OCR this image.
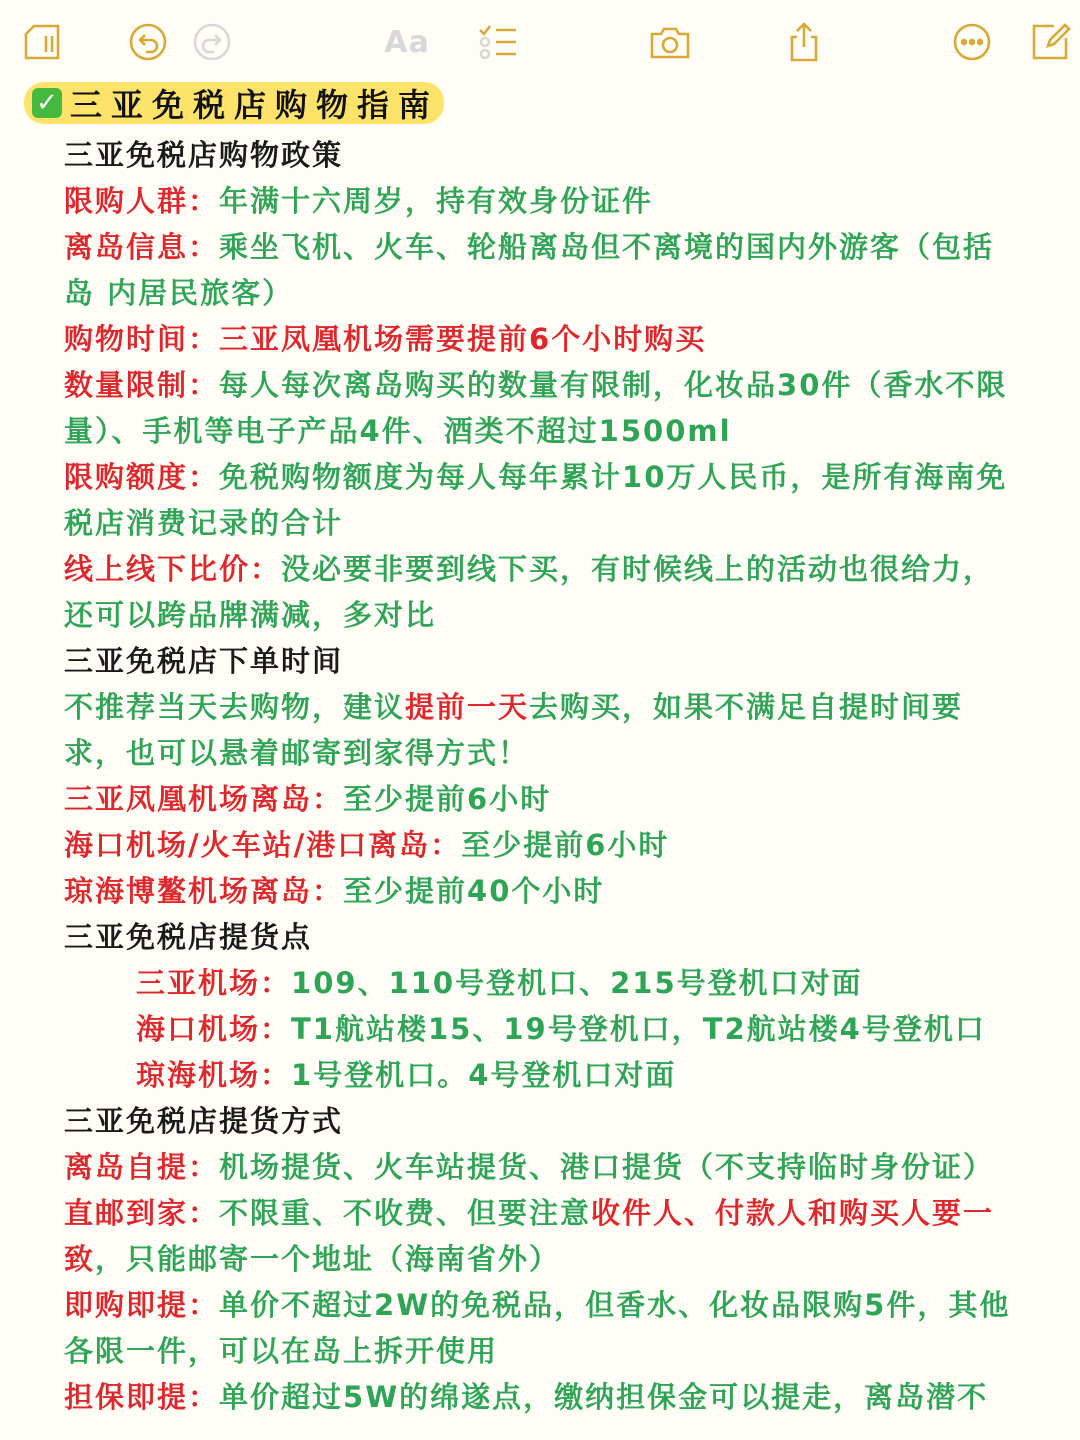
Aa
✓ 三亚免税店购物指南
三亚免税店购物政策
限购人群：年满十六周岁，持有效身份证件
离岛信息：乘坐飞机、火车、轮船离岛但不离境的国内外游客（包括
岛 内居民旅客）
购物时间：三亚凤凰机场需要提前6个小时购买
数量限制：每人每次离岛购买的数量有限制，化妆品30件（香水不限
量）、手机等电子产品4件、酒类不超过1500ml
限购额度：免税购物额度为每人每年累计10万人民币，是所有海南免
税店消费记录的合计
线上线下比价：没必要非要到线下买，有时候线上的活动也很给力，
还可以跨品牌满减，多对比
三亚免税店下单时间
不推荐当天去购物，建议提前一天去购买，如果不满足自提时间要
求，也可以悬着邮寄到家得方式！
三亚凤凰机场离岛：至少提前6小时
海口机场/火车站/港口离岛：至少提前6小时
琼海博鳌机场离岛：至少提前40个小时
三亚免税店提货点
三亚机场：109、110号登机口、215号登机口对面
海口机场：T1航站楼15、19号登机口，T2航站楼4号登机口
琼海机场：1号登机口。4号登机口对面
三亚免税店提货方式
离岛自提：机场提货、火车站提货、港口提货（不支持临时身份证）
直邮到家：不限重、不收费、但要注意收件人、付款人和购买人要一
致，只能邮寄一个地址（海南省外）
即购即提：单价不超过2W的免税品，但香水、化妆品限购5件，其他
各限一件，可以在岛上拆开使用
担保即提：单价超过5W的绵遂点，缴纳担保金可以提走，离岛潜不
